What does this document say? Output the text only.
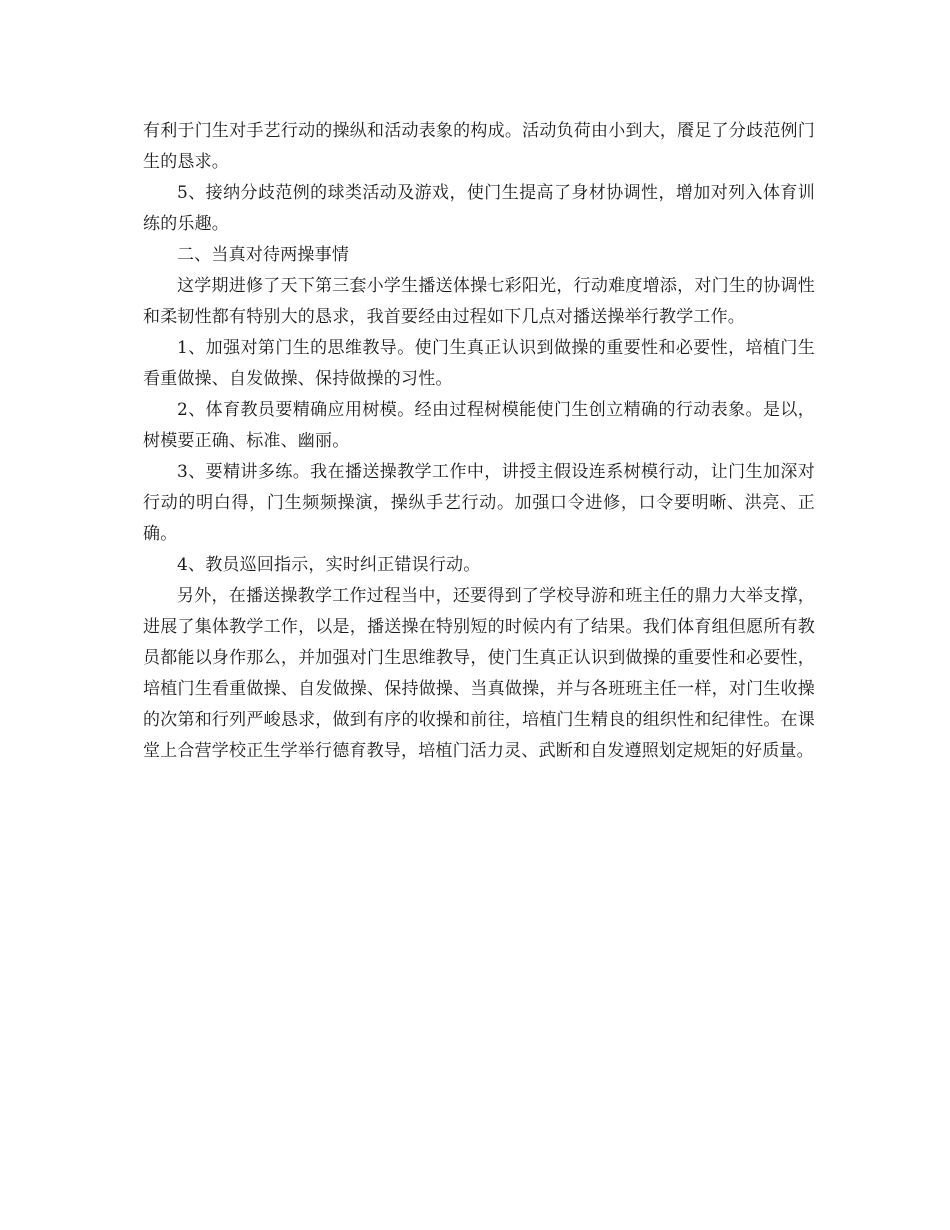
有利于门生对手艺行动的操纵和活动表象的构成。活动负荷由小到大，餍足了分歧范例门生的恳求。

5、接纳分歧范例的球类活动及游戏，使门生提高了身材协调性，增加对列入体育训练的乐趣。

二、当真对待两操事情

这学期进修了天下第三套小学生播送体操七彩阳光，行动难度增添，对门生的协调性和柔韧性都有特别大的恳求，我首要经由过程如下几点对播送操举行教学工作。

1、加强对第门生的思维教导。使门生真正认识到做操的重要性和必要性，培植门生看重做操、自发做操、保持做操的习性。

2、体育教员要精确应用树模。经由过程树模能使门生创立精确的行动表象。是以，树模要正确、标准、幽丽。

3、要精讲多练。我在播送操教学工作中，讲授主假设连系树模行动，让门生加深对行动的明白得，门生频频操演，操纵手艺行动。加强口令进修，口令要明晰、洪亮、正确。

4、教员巡回指示，实时纠正错误行动。

另外，在播送操教学工作过程当中，还要得到了学校导游和班主任的鼎力大举支撑，进展了集体教学工作，以是，播送操在特别短的时候内有了结果。我们体育组但愿所有教员都能以身作那么，并加强对门生思维教导，使门生真正认识到做操的重要性和必要性，培植门生看重做操、自发做操、保持做操、当真做操，并与各班班主任一样，对门生收操的次第和行列严峻恳求，做到有序的收操和前往，培植门生精良的组织性和纪律性。在课堂上合营学校正生学举行德育教导，培植门活力灵、武断和自发遵照划定规矩的好质量。
